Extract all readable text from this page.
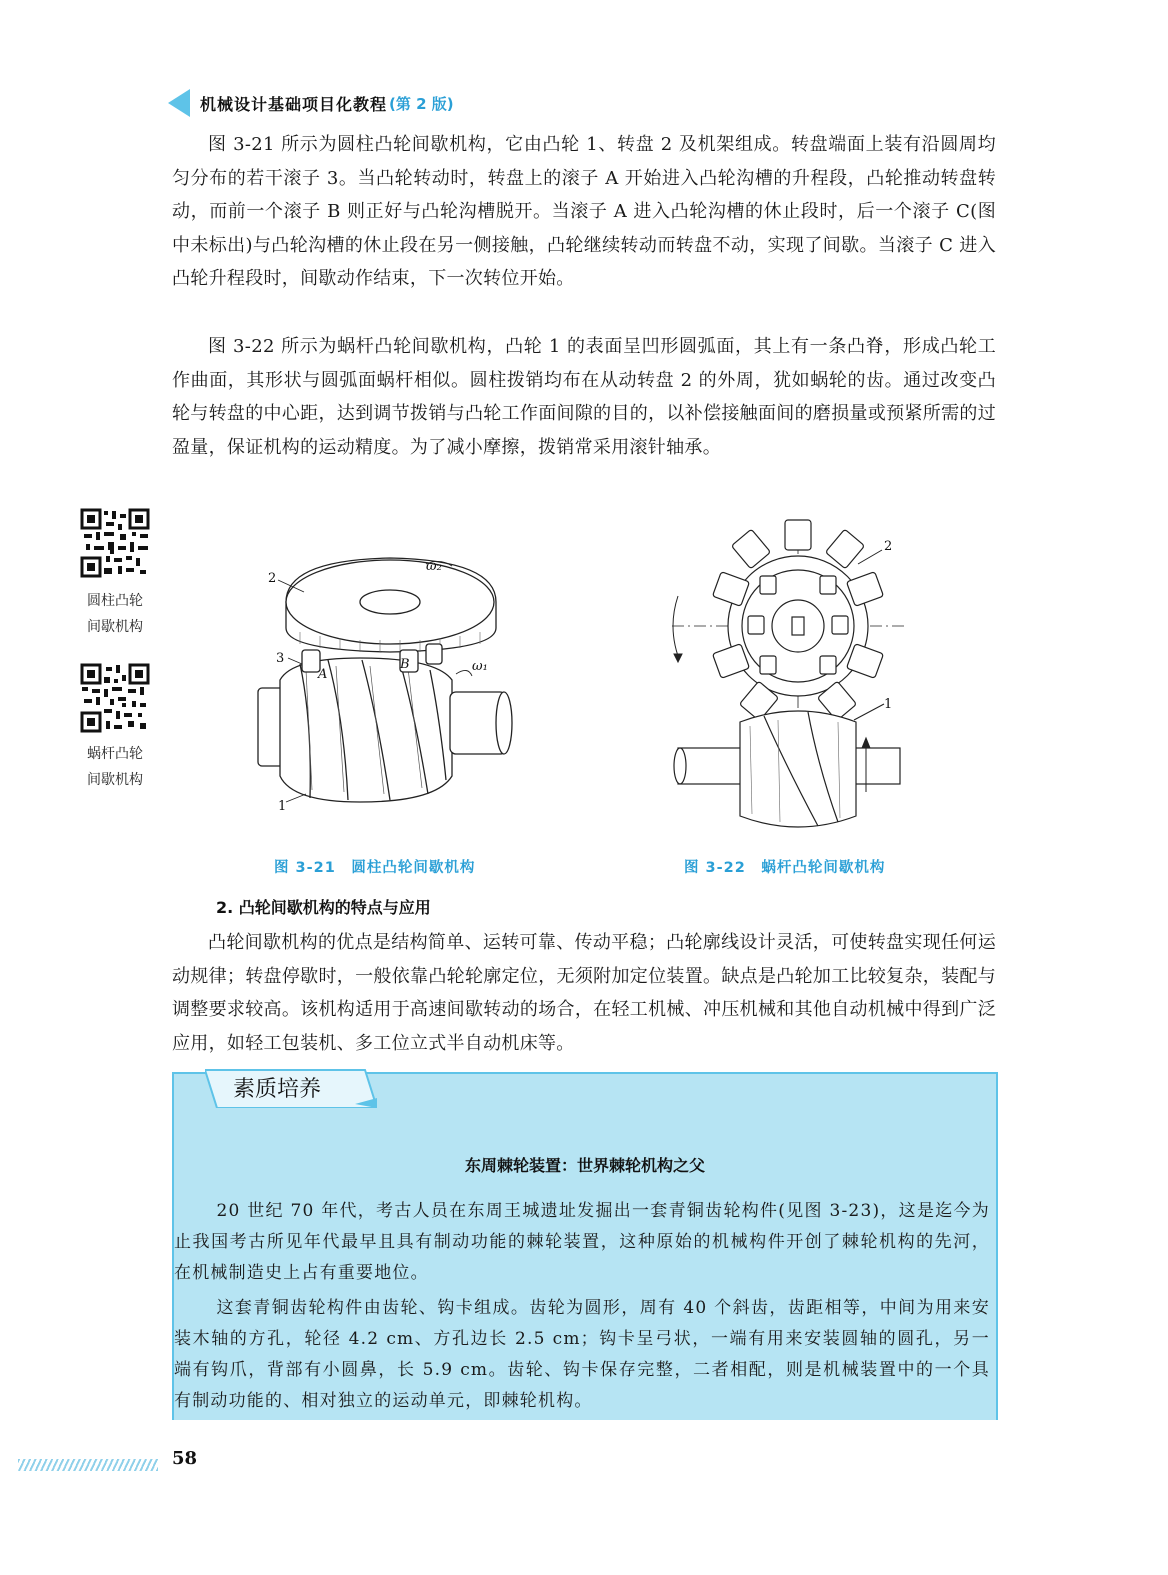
机械设计基础项目化教程 (第 2 版)

图 3-21 所示为圆柱凸轮间歇机构，它由凸轮 1、转盘 2 及机架组成。转盘端面上装有沿圆周均匀分布的若干滚子 3。当凸轮转动时，转盘上的滚子 A 开始进入凸轮沟槽的升程段，凸轮推动转盘转动，而前一个滚子 B 则正好与凸轮沟槽脱开。当滚子 A 进入凸轮沟槽的休止段时，后一个滚子 C(图中未标出)与凸轮沟槽的休止段在另一侧接触，凸轮继续转动而转盘不动，实现了间歇。当滚子 C 进入凸轮升程段时，间歇动作结束，下一次转位开始。

图 3-22 所示为蜗杆凸轮间歇机构，凸轮 1 的表面呈凹形圆弧面，其上有一条凸脊，形成凸轮工作曲面，其形状与圆弧面蜗杆相似。圆柱拨销均布在从动转盘 2 的外周，犹如蜗轮的齿。通过改变凸轮与转盘的中心距，达到调节拨销与凸轮工作面间隙的目的，以补偿接触面间的磨损量或预紧所需的过盈量，保证机构的运动精度。为了减小摩擦，拨销常采用滚针轴承。

圆柱凸轮
间歇机构
蜗杆凸轮
间歇机构
2
3
1
A
B	ω₁
ω₂
图 3-21　圆柱凸轮间歇机构
2
1
图 3-22　蜗杆凸轮间歇机构
2. 凸轮间歇机构的特点与应用

凸轮间歇机构的优点是结构简单、运转可靠、传动平稳；凸轮廓线设计灵活，可使转盘实现任何运动规律；转盘停歇时，一般依靠凸轮轮廓定位，无须附加定位装置。缺点是凸轮加工比较复杂，装配与调整要求较高。该机构适用于高速间歇转动的场合，在轻工机械、冲压机械和其他自动机械中得到广泛应用，如轻工包装机、多工位立式半自动机床等。

素质培养
东周棘轮装置：世界棘轮机构之父

20 世纪 70 年代，考古人员在东周王城遗址发掘出一套青铜齿轮构件(见图 3-23)，这是迄今为止我国考古所见年代最早且具有制动功能的棘轮装置，这种原始的机械构件开创了棘轮机构的先河，在机械制造史上占有重要地位。

这套青铜齿轮构件由齿轮、钩卡组成。齿轮为圆形，周有 40 个斜齿，齿距相等，中间为用来安装木轴的方孔，轮径 4.2 cm、方孔边长 2.5 cm；钩卡呈弓状，一端有用来安装圆轴的圆孔，另一端有钩爪，背部有小圆鼻，长 5.9 cm。齿轮、钩卡保存完整，二者相配，则是机械装置中的一个具有制动功能的、相对独立的运动单元，即棘轮机构。

58
